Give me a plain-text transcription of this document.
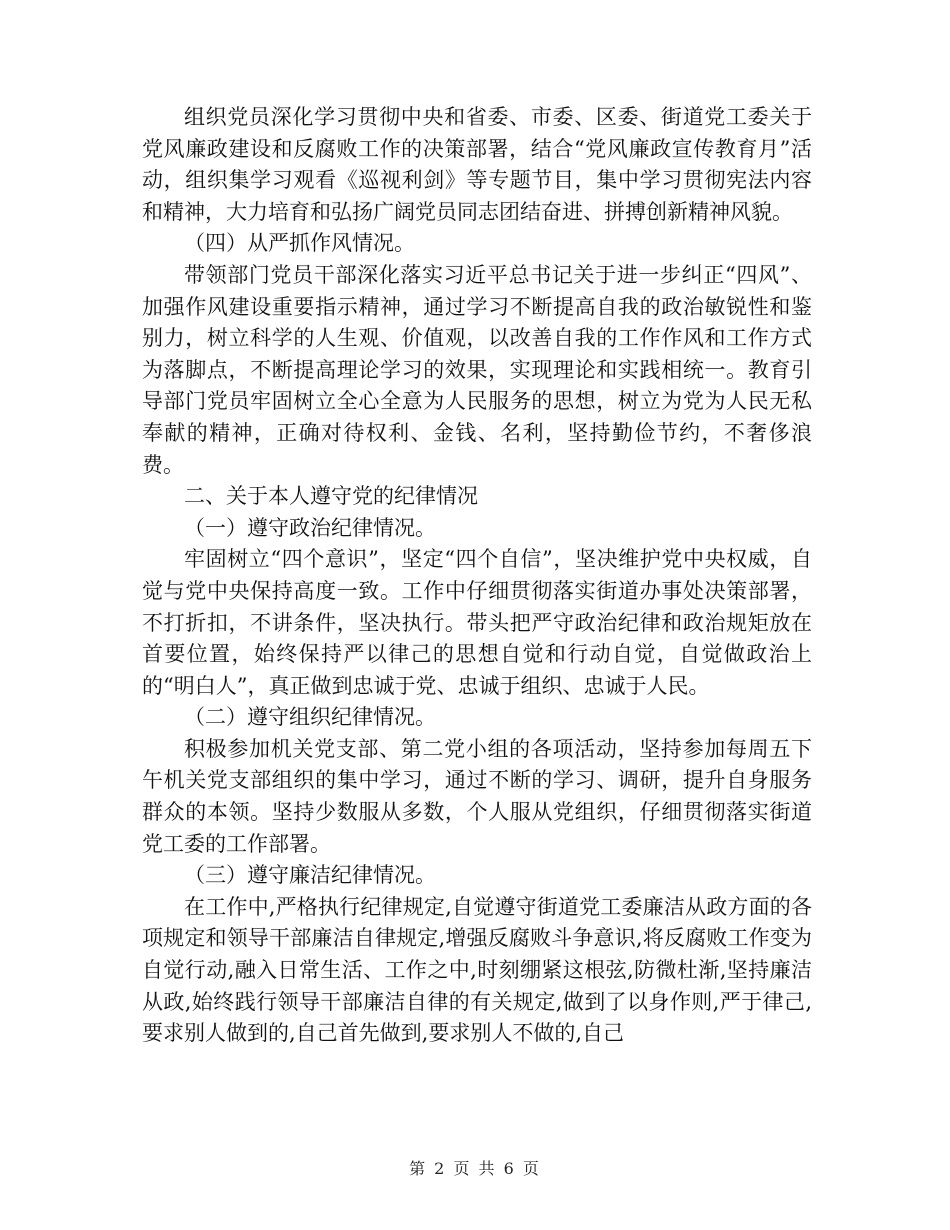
组织党员深化学习贯彻中央和省委、市委、区委、街道党工委关于党风廉政建设和反腐败工作的决策部署，结合“党风廉政宣传教育月”活动，组织集学习观看《巡视利剑》等专题节目，集中学习贯彻宪法内容和精神，大力培育和弘扬广阔党员同志团结奋进、拼搏创新精神风貌。

（四）从严抓作风情况。

带领部门党员干部深化落实习近平总书记关于进一步纠正“四风”、加强作风建设重要指示精神，通过学习不断提高自我的政治敏锐性和鉴别力，树立科学的人生观、价值观，以改善自我的工作作风和工作方式为落脚点，不断提高理论学习的效果，实现理论和实践相统一。教育引导部门党员牢固树立全心全意为人民服务的思想，树立为党为人民无私奉献的精神，正确对待权利、金钱、名利，坚持勤俭节约，不奢侈浪费。

二、关于本人遵守党的纪律情况

（一）遵守政治纪律情况。

牢固树立“四个意识”，坚定“四个自信”，坚决维护党中央权威，自觉与党中央保持高度一致。工作中仔细贯彻落实街道办事处决策部署，不打折扣，不讲条件，坚决执行。带头把严守政治纪律和政治规矩放在首要位置，始终保持严以律己的思想自觉和行动自觉，自觉做政治上的“明白人”，真正做到忠诚于党、忠诚于组织、忠诚于人民。

（二）遵守组织纪律情况。

积极参加机关党支部、第二党小组的各项活动，坚持参加每周五下午机关党支部组织的集中学习，通过不断的学习、调研，提升自身服务群众的本领。坚持少数服从多数，个人服从党组织，仔细贯彻落实街道党工委的工作部署。

（三）遵守廉洁纪律情况。

在工作中,严格执行纪律规定,自觉遵守街道党工委廉洁从政方面的各项规定和领导干部廉洁自律规定,增强反腐败斗争意识,将反腐败工作变为自觉行动,融入日常生活、工作之中,时刻绷紧这根弦,防微杜渐,坚持廉洁从政,始终践行领导干部廉洁自律的有关规定,做到了以身作则,严于律己,要求别人做到的,自己首先做到,要求别人不做的,自己

第 2 页 共 6 页
